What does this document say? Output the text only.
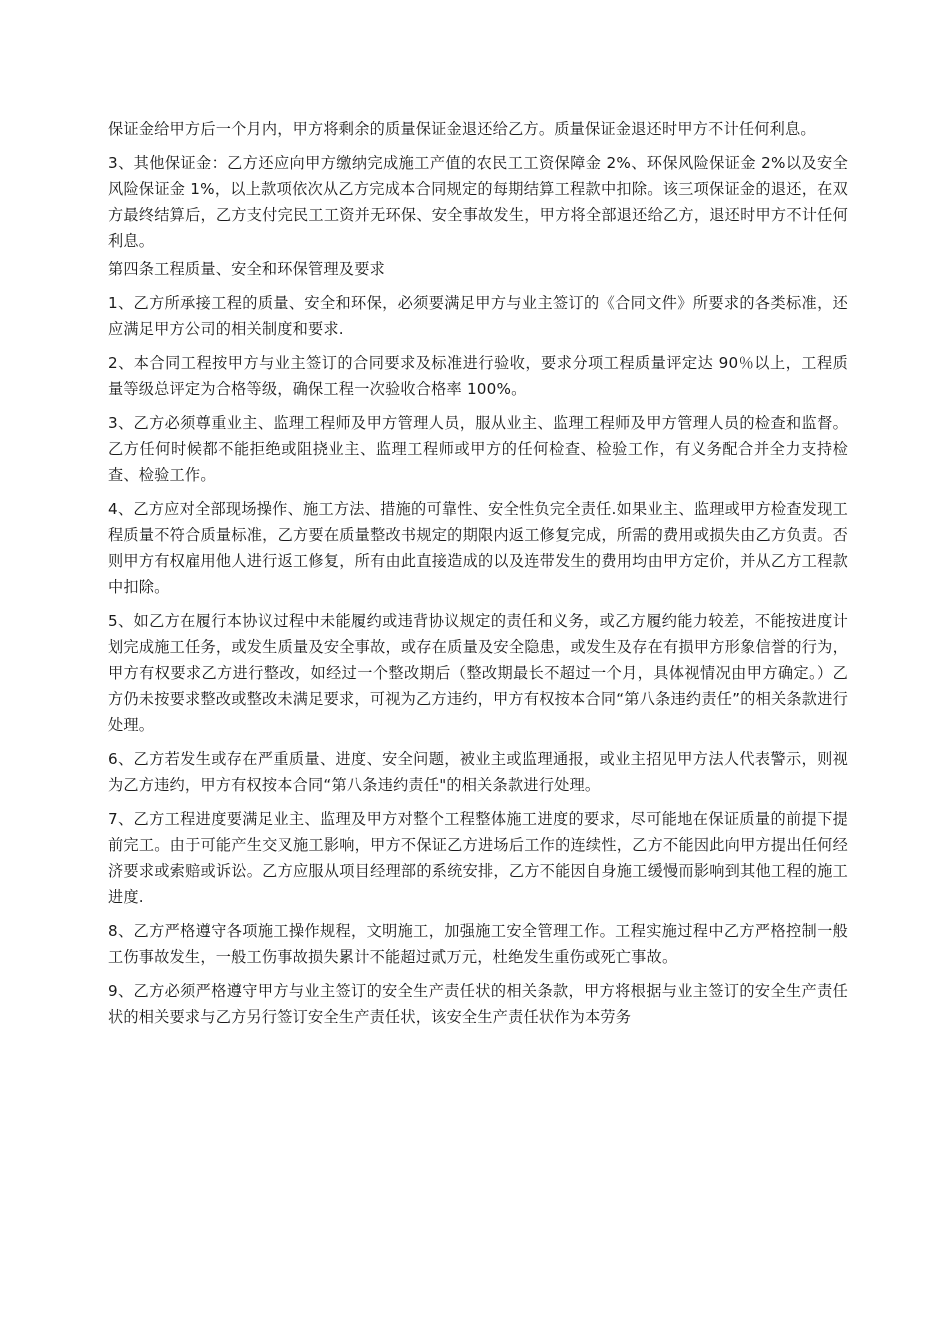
保证金给甲方后一个月内，甲方将剩余的质量保证金退还给乙方。质量保证金退还时甲方不计任何利息。

3、其他保证金：乙方还应向甲方缴纳完成施工产值的农民工工资保障金 2%、环保风险保证金 2%以及安全风险保证金 1%，以上款项依次从乙方完成本合同规定的每期结算工程款中扣除。该三项保证金的退还，在双方最终结算后，乙方支付完民工工资并无环保、安全事故发生，甲方将全部退还给乙方，退还时甲方不计任何利息。

第四条工程质量、安全和环保管理及要求

1、乙方所承接工程的质量、安全和环保，必须要满足甲方与业主签订的《合同文件》所要求的各类标准，还应满足甲方公司的相关制度和要求.

2、本合同工程按甲方与业主签订的合同要求及标准进行验收，要求分项工程质量评定达 90％以上，工程质量等级总评定为合格等级，确保工程一次验收合格率 100%。

3、乙方必须尊重业主、监理工程师及甲方管理人员，服从业主、监理工程师及甲方管理人员的检查和监督。乙方任何时候都不能拒绝或阻挠业主、监理工程师或甲方的任何检查、检验工作，有义务配合并全力支持检查、检验工作。

4、乙方应对全部现场操作、施工方法、措施的可靠性、安全性负完全责任.如果业主、监理或甲方检查发现工程质量不符合质量标准，乙方要在质量整改书规定的期限内返工修复完成，所需的费用或损失由乙方负责。否则甲方有权雇用他人进行返工修复，所有由此直接造成的以及连带发生的费用均由甲方定价，并从乙方工程款中扣除。

5、如乙方在履行本协议过程中未能履约或违背协议规定的责任和义务，或乙方履约能力较差，不能按进度计划完成施工任务，或发生质量及安全事故，或存在质量及安全隐患，或发生及存在有损甲方形象信誉的行为，甲方有权要求乙方进行整改，如经过一个整改期后（整改期最长不超过一个月，具体视情况由甲方确定。）乙方仍未按要求整改或整改未满足要求，可视为乙方违约，甲方有权按本合同“第八条违约责任”的相关条款进行处理。

6、乙方若发生或存在严重质量、进度、安全问题，被业主或监理通报，或业主招见甲方法人代表警示，则视为乙方违约，甲方有权按本合同“第八条违约责任"的相关条款进行处理。

7、乙方工程进度要满足业主、监理及甲方对整个工程整体施工进度的要求，尽可能地在保证质量的前提下提前完工。由于可能产生交叉施工影响，甲方不保证乙方进场后工作的连续性，乙方不能因此向甲方提出任何经济要求或索赔或诉讼。乙方应服从项目经理部的系统安排，乙方不能因自身施工缓慢而影响到其他工程的施工进度.

8、乙方严格遵守各项施工操作规程，文明施工，加强施工安全管理工作。工程实施过程中乙方严格控制一般工伤事故发生，一般工伤事故损失累计不能超过贰万元，杜绝发生重伤或死亡事故。

9、乙方必须严格遵守甲方与业主签订的安全生产责任状的相关条款，甲方将根据与业主签订的安全生产责任状的相关要求与乙方另行签订安全生产责任状，该安全生产责任状作为本劳务
